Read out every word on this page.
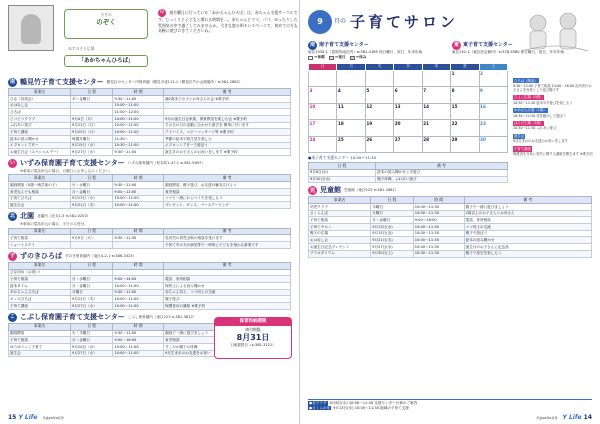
今月の
のぞく
ゆずのそら広場
「あかちゃんひろば」
毎 週月曜日に行っている「あかちゃんひろば」は、赤ちゃん支援サークルです。じっくりと子どもと関わる時間を…。赤ちゃんとママ、パパ、ゆったりした雰囲気の中で過ごしてみませんか。大きな窓の明るいスペースで、初めての方も気軽に遊びにきてくださいね。
南 鶴見竹子育て支援センター 鶴見区のセンター内保育園（鶴見平成111-1（鶴見区竹の会館場所）℡581-2883）
事業名	日 程	時 間	備 考
ひな（初語会）	木〜金曜日	9:30〜11:00	満2歳までの子とお母さんの会 ※要予約
おはなし会		10:00〜11:00	
ひろば		11:00〜12:00	
ピコピコクラブ	9月4日（月）	10:00〜11:00	9月の誕生日会家族、保育教室を楽しむ会 ※要予約
ふれあい遊び	9月11日（月）	10:00〜11:00	その日の日の活動に合わせた遊びを 簡単に行います
子育て講座	9月25日（月）	10:00〜11:00	アドバイス、ベビーマッサージ等 ※要予約
絵本の読み聞かせ	毎週月曜日	11:30〜	季節の絵本や紙芝居を楽しむ
エプロンシアター	9月15日（水）	10:30〜11:00	エプロンシアターで遊ぼう
お誕生日会（スペシャルデー）	9月27日（水）	9:30〜11:00	誕生月のお子さんのお祝いをします ※要予約
い いずみ保育園子育て支援センター いずみ保育園内（松本町1-47-1 ℡581-5697）
※事前の電話申込の場合、月曜日にお申し込みください。
事業名	日 程	時 間	備 考
園庭開放（0歳〜就学前の子）	火・水曜日	9:30〜11:00	園庭開放、親子遊び、お友達の輪を広げよう
育児なんでも相談	月〜金曜日	9:00〜12:00	育児相談
子育てひろば	9月13日（水）	10:00〜11:00	ママと一緒にわらべうたを楽しもう
誕生日会	9月21日（木）	10:00〜11:00	プレゼント、ダンス、バースデーソング
北 北園 北園内（北丸1-5 ℡581-0203）
※事前の電話申込の場合、平日のみ受付。
事業名	日 程	時 間	備 考
子育て相談	9月5日（火）	9:30〜11:30	乳幼児の育児全般の相談を受けます
ショートステイ			子育て中の方が病気等で一時的に子どもを預かる事業です
ず ずのきひろば ずのき保育園内（南区4-2-1 ℡586-3325）
事業名	日 程	時 間	備 考
ひな初め（お祝い）			
子育て相談	月・水曜日	9:00〜14:00	電話、来所相談
絵本タイム	月・金曜日	10:00〜11:00	保育士による読み聞かせ
あかちゃんひろば	月曜日	9:30〜11:00	赤ちゃん同士、ママ同士の交流
キッズひろば	9月21日（木）	10:00〜11:00	親子遊び
子育て講座	9月27日（水）	10:00〜11:00	保護者向け講座 ※要予約
こ こぶし保育園子育て支援センター こぶし保育園内（東区223 ℡581-3612）
事業名	日 程	時 間	
園庭開放	火・木曜日	9:30〜11:00	園庭で一緒に遊びましょう
子育て相談	月〜金曜日	9:00〜16:00	育児相談
ゆうゆうっこ子育て	9月20日（水）	10:00〜11:00	すこやか親子の体操
誕生会	9月27日（水）	10:00〜11:00	9月生まれのお友達をお祝い
保育料納期限
納付期限
8月31日
口座振替日（℡581-3121）
15 Y Life 平成29年9月号
9	月の 子育てサロン
南 南子育て支援センター
南区1333-1（富岡市南区内）℡581-4165 休日曜日、祝日、年末年始
東 東子育て支援センター
東区152-1（東区民会館内）℡578-5580 休日曜日、祝日、年末年始
＝休館	＝祝日	＝休み
日	月	火	水	木	金	土
					1	2
3	4	5	6	7	8	9
10	11	12	13	14	15	16
17	18	19	20	21	22	23
24	25	26	27	28	29	30
ひろば（開放）
9:30〜12:00 子育て相談 13:00〜16:00 乳幼児のお子さんを対象とした遊び場です
ひよこ広場（0歳）
10:30〜11:30 絵本や手遊びを楽しもう
かめさん広場（1歳）
10:30〜11:30 体を動かして遊ぼう
ぱんだ広場（2歳）
10:30〜11:30 ふれあい遊び
誕生会
9月生まれのお友達のお祝いをします
子育て講座
保護者を対象に育児に関する講座を開きます ※要予約
●南子育て支援センター 10:00〜11:30
日 程	備 考
9月6日(水)	絵本の読み聞かせと手遊び
9月20日(水)	親子体操、ふれあい遊び
児 児童館 児童館（東区223 ℡581-2861）
事業名	日 程	時 間	備 考
幼児クラブ	木曜日	10:00〜11:30	親子で一緒に遊びましょう
さくらんぼ	火曜日	10:00〜11:30	2歳以上のお子さんとお母さん
子育て相談	月〜金曜日	9:00〜16:00	電話、来所相談
子育てサロン	9月13日(水)	10:00〜11:30	ママ同士の交流
親子の広場	9月15日(金)	10:00〜11:30	親子で遊ぼう
おはなし会	9月21日(木)	10:00〜11:30	絵本の読み聞かせ
お誕生日記念プレゼント	9月27日(水)	10:00〜11:30	誕生月のお子さんに記念品
プラネタリウム	9月30日(土)	10:30〜11:30	親子で星空を楽しもう
●北プラザ 9月6日(水) 10:00〜11:30 支援センター行事のご案内
●さくらの家 9月13日(水) 10:00〜11:30 地域の子育て支援
平成29年9月号 Y Life 14
